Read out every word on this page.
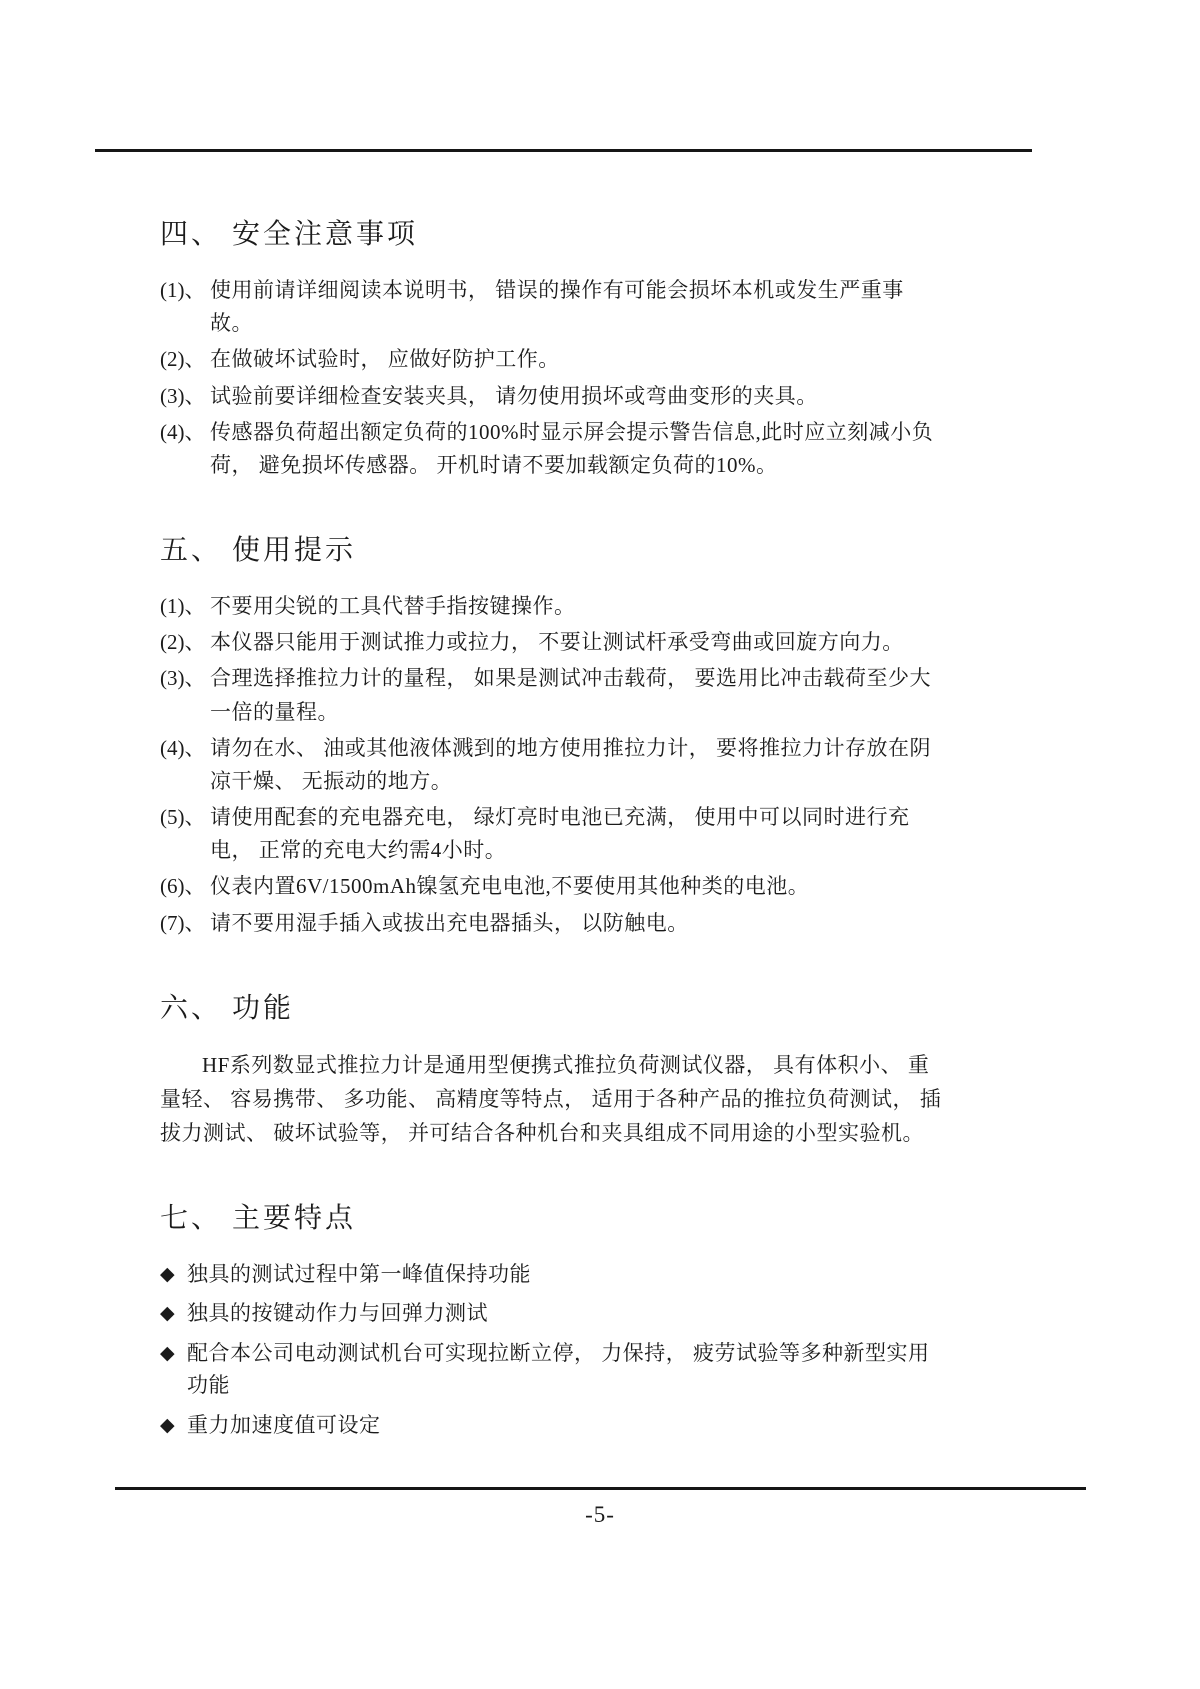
四、 安全注意事项
(1)、 使用前请详细阅读本说明书， 错误的操作有可能会损坏本机或发生严重事故。
(2)、 在做破坏试验时， 应做好防护工作。
(3)、 试验前要详细检查安装夹具， 请勿使用损坏或弯曲变形的夹具。
(4)、 传感器负荷超出额定负荷的100%时显示屏会提示警告信息,此时应立刻减小负荷， 避免损坏传感器。 开机时请不要加载额定负荷的10%。
五、 使用提示
(1)、 不要用尖锐的工具代替手指按键操作。
(2)、 本仪器只能用于测试推力或拉力， 不要让测试杆承受弯曲或回旋方向力。
(3)、 合理选择推拉力计的量程， 如果是测试冲击载荷， 要选用比冲击载荷至少大一倍的量程。
(4)、 请勿在水、 油或其他液体溅到的地方使用推拉力计， 要将推拉力计存放在阴凉干燥、 无振动的地方。
(5)、 请使用配套的充电器充电， 绿灯亮时电池已充满， 使用中可以同时进行充电， 正常的充电大约需4小时。
(6)、 仪表内置6V/1500mAh镍氢充电电池,不要使用其他种类的电池。
(7)、 请不要用湿手插入或拔出充电器插头， 以防触电。
六、 功能

HF系列数显式推拉力计是通用型便携式推拉负荷测试仪器， 具有体积小、 重量轻、 容易携带、 多功能、 高精度等特点， 适用于各种产品的推拉负荷测试， 插拔力测试、 破坏试验等， 并可结合各种机台和夹具组成不同用途的小型实验机。

七、 主要特点
◆ 独具的测试过程中第一峰值保持功能
◆ 独具的按键动作力与回弹力测试
◆ 配合本公司电动测试机台可实现拉断立停， 力保持， 疲劳试验等多种新型实用功能
◆ 重力加速度值可设定
-5-
